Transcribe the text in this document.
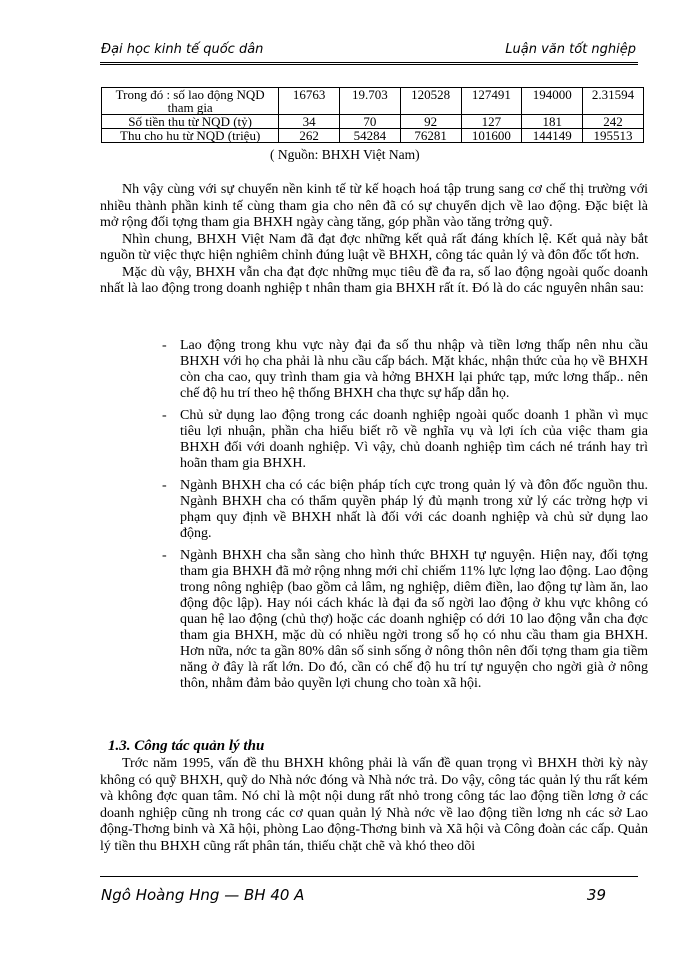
Đại học kinh tế quốc dân	Luận văn tốt nghiệp
Trong đó : số lao động NQD tham gia	16763	19.703	120528	127491	194000	2.31594
Số tiền thu từ NQD (tỷ)	34	70	92	127	181	242
Thu cho hu từ NQD (triệu)	262	54284	76281	101600	144149	195513
( Nguồn: BHXH Việt Nam)

Nh vậy cùng với sự chuyển nền kinh tế từ kế hoạch hoá tập trung sang cơ chế thị trường với nhiều thành phần kinh tế cùng tham gia cho nên đã có sự chuyển dịch về lao động. Đặc biệt là mở rộng đối tợng tham gia BHXH ngày càng tăng, góp phần vào tăng trởng quỹ.

Nhìn chung, BHXH Việt Nam đã đạt đợc những kết quả rất đáng khích lệ. Kết quả này bắt nguồn từ việc thực hiện nghiêm chỉnh đúng luật về BHXH, công tác quản lý và đôn đốc tốt hơn.

Mặc dù vậy, BHXH vẫn cha đạt đợc những mục tiêu đề đa ra, số lao động ngoài quốc doanh nhất là lao động trong doanh nghiệp t nhân tham gia BHXH rất ít. Đó là do các nguyên nhân sau:

- Lao động trong khu vực này đại đa số thu nhập và tiền lơng thấp nên nhu cầu BHXH với họ cha phải là nhu cầu cấp bách. Mặt khác, nhận thức của họ về BHXH còn cha cao, quy trình tham gia và hởng BHXH lại phức tạp, mức lơng thấp.. nên chế độ hu trí theo hệ thống BHXH cha thực sự hấp dẫn họ.
- Chủ sử dụng lao động trong các doanh nghiệp ngoài quốc doanh 1 phần vì mục tiêu lợi nhuận, phần cha hiểu biết rõ về nghĩa vụ và lợi ích của việc tham gia BHXH đối với doanh nghiệp. Vì vậy, chủ doanh nghiệp tìm cách né tránh hay trì hoãn tham gia BHXH.
- Ngành BHXH cha có các biện pháp tích cực trong quản lý và đôn đốc nguồn thu. Ngành BHXH cha có thẩm quyền pháp lý đủ mạnh trong xử lý các trờng hợp vi phạm quy định về BHXH nhất là đối với các doanh nghiệp và chủ sử dụng lao động.
- Ngành BHXH cha sẵn sàng cho hình thức BHXH tự nguyện. Hiện nay, đối tợng tham gia BHXH đã mở rộng nhng mới chỉ chiếm 11% lực lợng lao động. Lao động trong nông nghiệp (bao gồm cả lâm, ng nghiệp, diêm điền, lao động tự làm ăn, lao động độc lập). Hay nói cách khác là đại đa số ngời lao động ở khu vực không có quan hệ lao động (chủ thợ) hoặc các doanh nghiệp có dới 10 lao động vẫn cha đợc tham gia BHXH, mặc dù có nhiều ngời trong số họ có nhu cầu tham gia BHXH. Hơn nữa, nớc ta gần 80% dân số sinh sống ở nông thôn nên đối tợng tham gia tiềm năng ở đây là rất lớn. Do đó, cần có chế độ hu trí tự nguyện cho ngời già ở nông thôn, nhằm đảm bảo quyền lợi chung cho toàn xã hội.
1.3. Công tác quản lý thu

Trớc năm 1995, vấn đề thu BHXH không phải là vấn đề quan trọng vì BHXH thời kỳ này không có quỹ BHXH, quỹ do Nhà nớc đóng và Nhà nớc trả. Do vậy, công tác quản lý thu rất kém và không đợc quan tâm. Nó chỉ là một nội dung rất nhỏ trong công tác lao động tiền lơng ở các doanh nghiệp cũng nh trong các cơ quan quản lý Nhà nớc về lao động tiền lơng nh các sở Lao động-Thơng binh và Xã hội, phòng Lao động-Thơng binh và Xã hội và Công đoàn các cấp. Quản lý tiền thu BHXH cũng rất phân tán, thiếu chặt chẽ và khó theo dõi

Ngô Hoàng Hng — BH 40 A	39
